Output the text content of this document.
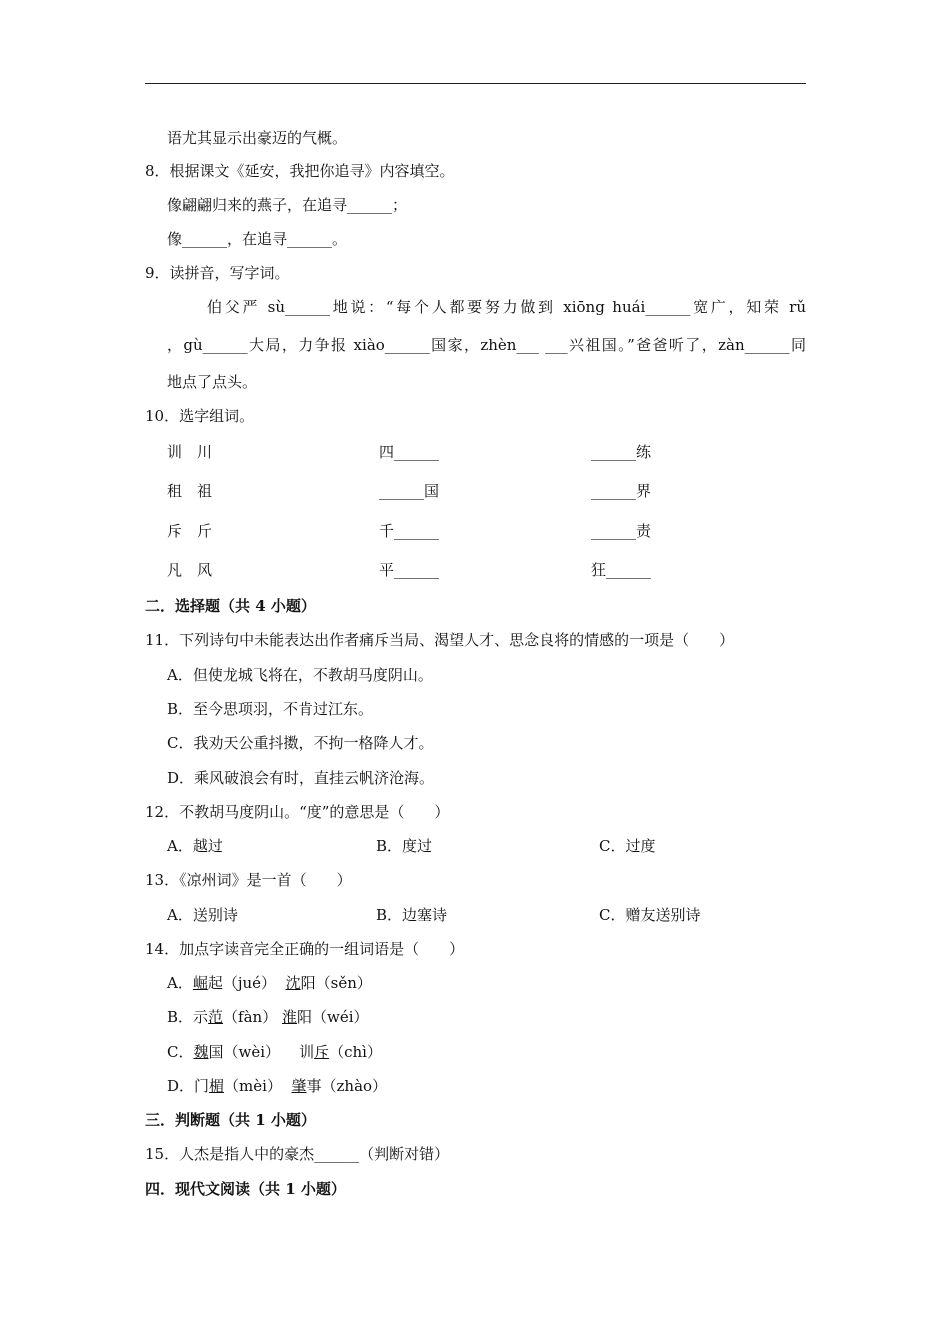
语尤其显示出豪迈的气概。
8．根据课文《延安，我把你追寻》内容填空。
像翩翩归来的燕子，在追寻______；
像______，在追寻______。
9．读拼音，写字词。
伯父严 sù______地说：“每个人都要努力做到 xiōng huái______宽广，知荣 rǔ
，gù______大局，力争报 xiào______国家，zhèn___ ___兴祖国。”爸爸听了，zàn______同
地点了点头。
10．选字组词。
训　川	四______	______练
租　祖	______国	______界
斥　斤	千______	______责
凡　风	平______	狂______
二．选择题（共 4 小题）
11．下列诗句中未能表达出作者痛斥当局、渴望人才、思念良将的情感的一项是（　　）
A．但使龙城飞将在，不教胡马度阴山。
B．至今思项羽，不肯过江东。
C．我劝天公重抖擞，不拘一格降人才。
D．乘风破浪会有时，直挂云帆济沧海。
12．不教胡马度阴山。“度”的意思是（　　）
A．越过	B．度过	C．过度
13．《凉州词》是一首（　　）
A．送别诗	B．边塞诗	C．赠友送别诗
14．加点字读音完全正确的一组词语是（　　）
A．崛起（jué） 沈阳（sěn）
B．示范（fàn） 淮阳（wéi）
C．魏国（wèi） 训斥（chì）
D．门楣（mèi） 肇事（zhào）
三．判断题（共 1 小题）
15．人杰是指人中的豪杰______（判断对错）
四．现代文阅读（共 1 小题）
